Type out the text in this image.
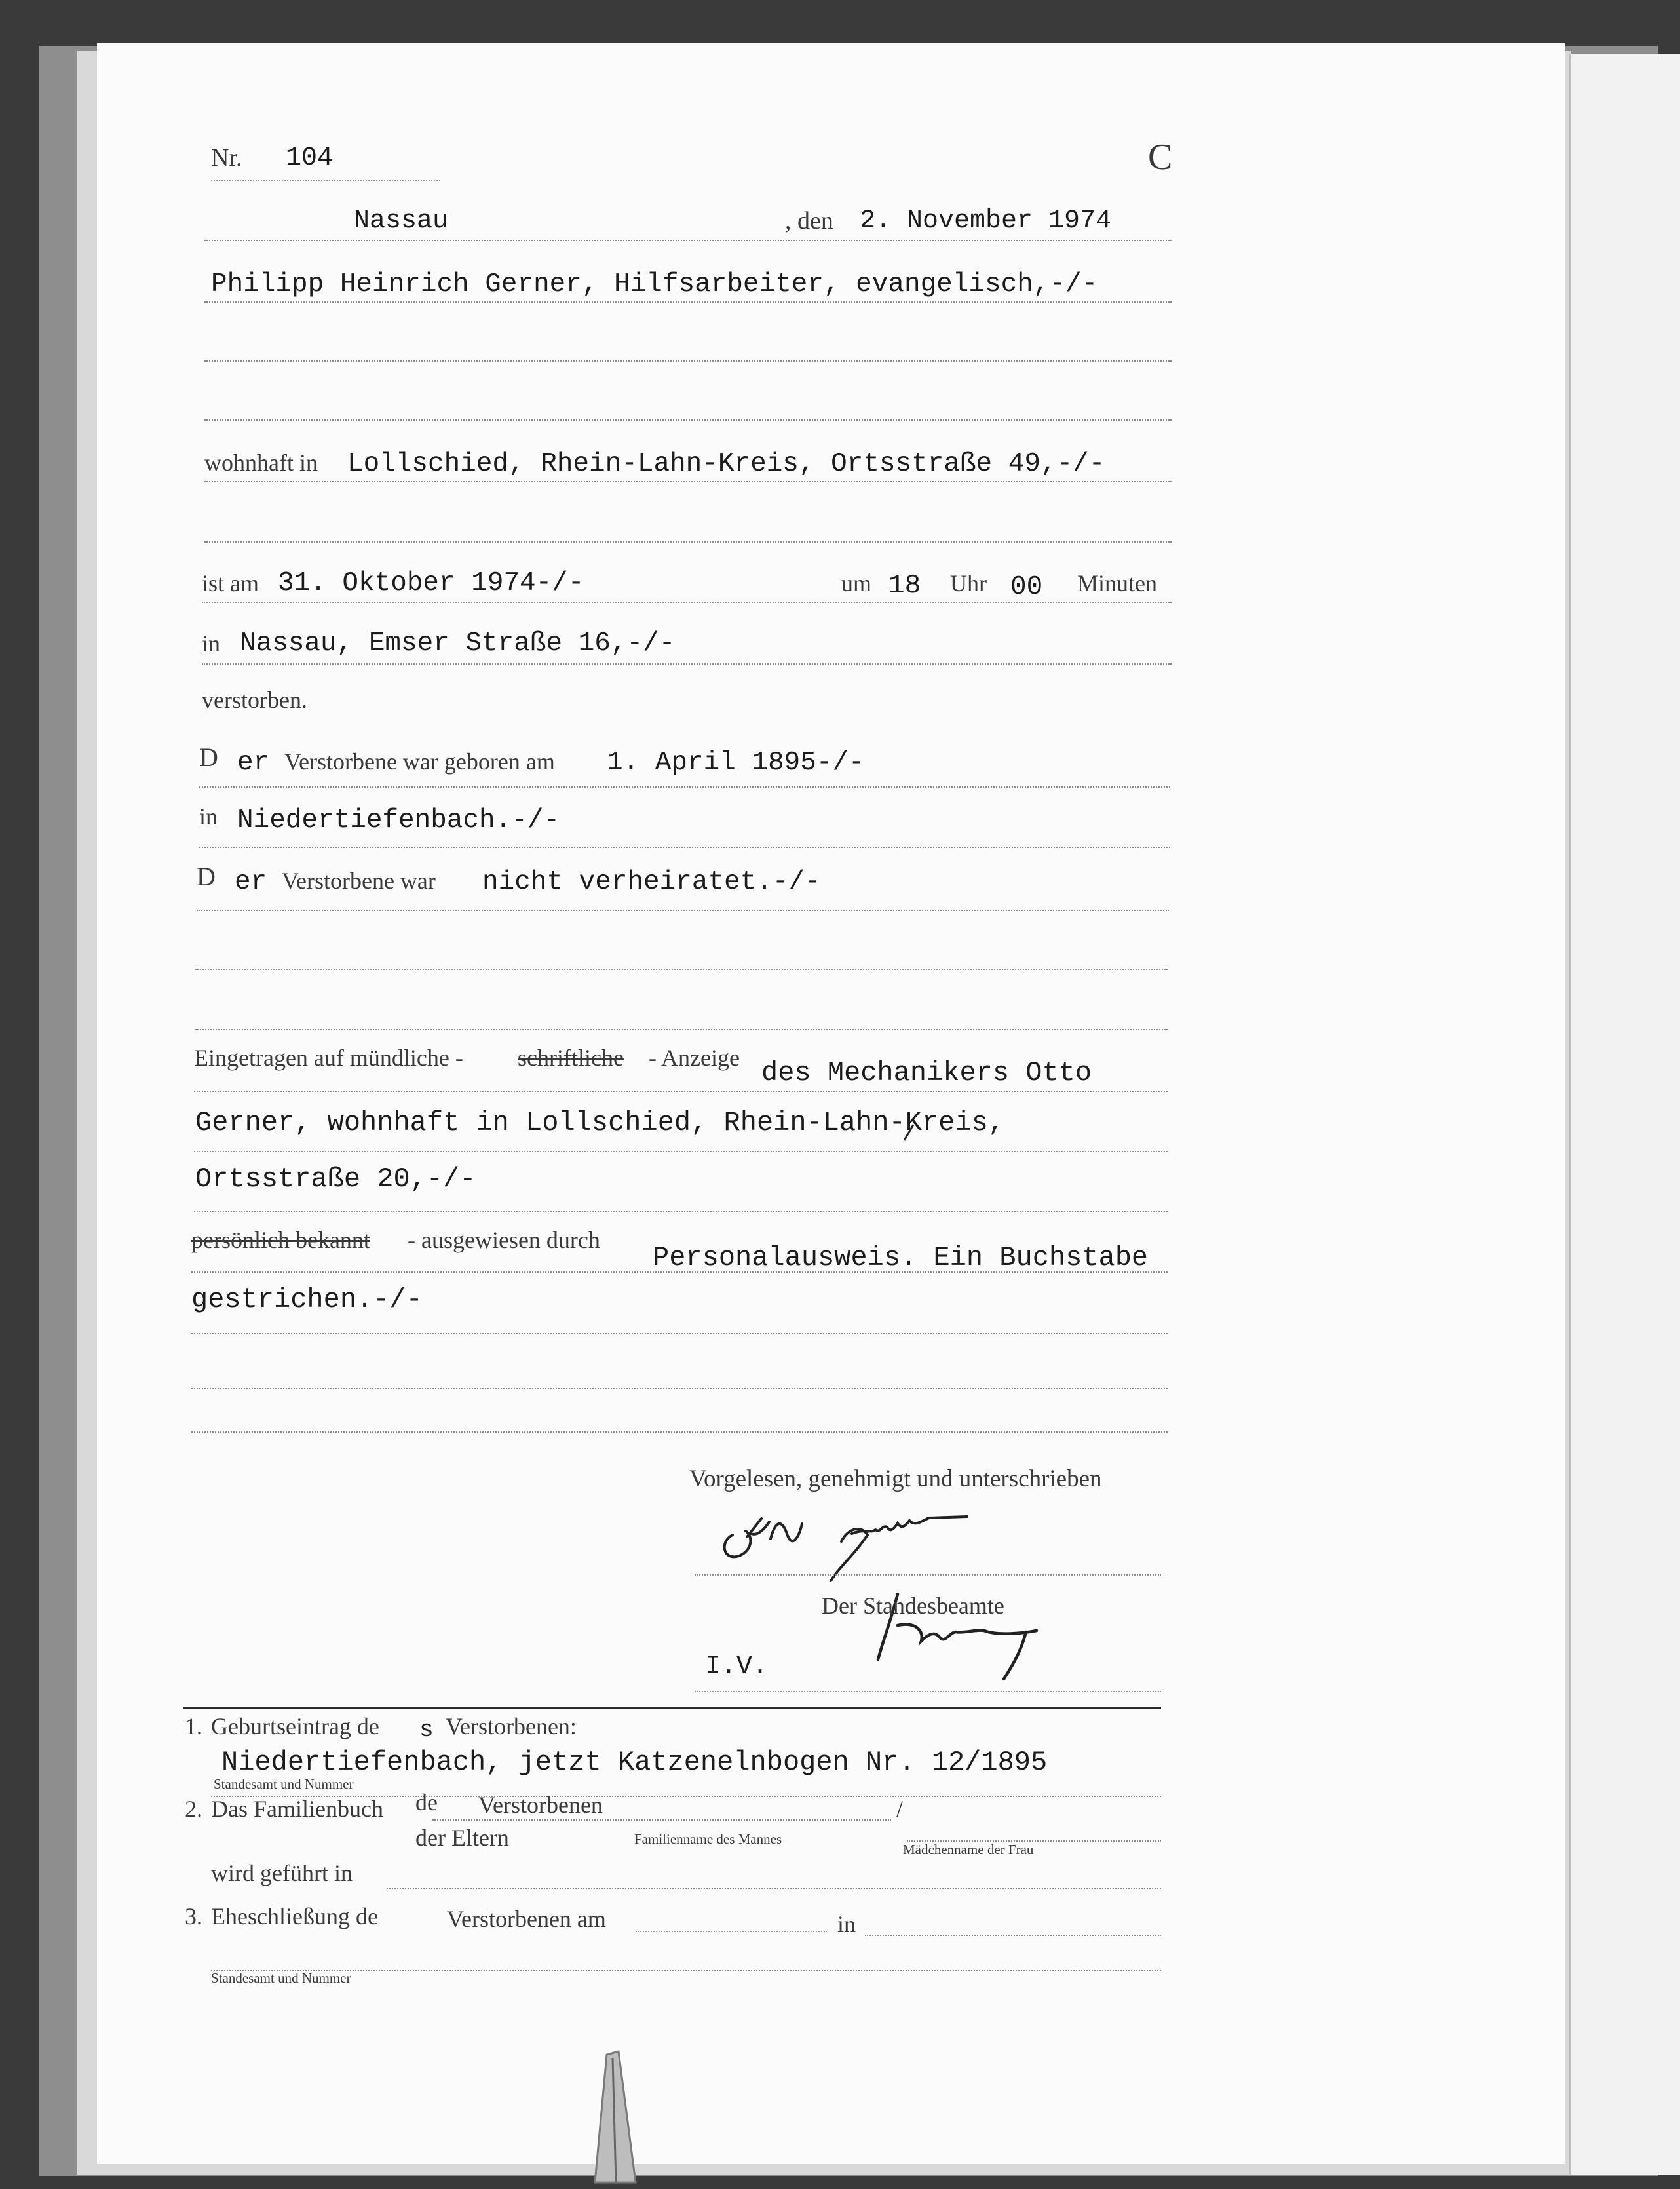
Nr. 104	C
Nassau	, den 2. November 1974
Philipp Heinrich Gerner, Hilfsarbeiter, evangelisch,-/-
wohnhaft in Lollschied, Rhein-Lahn-Kreis, Ortsstraße 49,-/-
ist am 31. Oktober 1974-/-	um 18 Uhr 00 Minuten
in Nassau, Emser Straße 16,-/-
verstorben.
D er Verstorbene war geboren am 1. April 1895-/-
in Niedertiefenbach.-/-
D er Verstorbene war nicht verheiratet.-/-
Eingetragen auf mündliche - schriftliche - Anzeige des Mechanikers Otto
Gerner, wohnhaft in Lollschied, Rhein-Lahn-Kreis,
Ortsstraße 20,-/-
persönlich bekannt - ausgewiesen durch
Personalausweis. Ein Buchstabe
gestrichen.-/-
Vorgelesen, genehmigt und unterschrieben
Der Standesbeamte
I.V.
1. Geburtseintrag de s Verstorbenen:
Niedertiefenbach, jetzt Katzenelnbogen Nr. 12/1895
Standesamt und Nummer
2. Das Familienbuch de Verstorbenen	/
der Eltern	Familienname des Mannes
Mädchenname der Frau
wird geführt in
3. Eheschließung de	Verstorbenen am	in
Standesamt und Nummer
